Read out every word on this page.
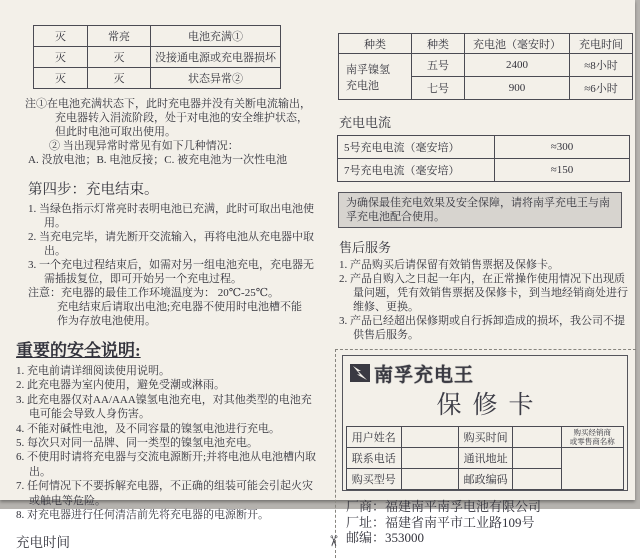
灭	常亮	电池充满①
灭	灭	没接通电源或充电器损坏
灭	灭	状态异常②
注①在电池充满状态下，此时充电器并没有关断电流输出，
充电器转入涓流阶段，处于对电池的安全维护状态，
但此时电池可取出使用。
② 当出现异常时常见有如下几种情况：
A. 没放电池；B. 电池反接；C. 被充电池为一次性电池
第四步：充电结束。
1. 当绿色指示灯常亮时表明电池已充满，此时可取出电池使用。
2. 当充电完毕，请先断开交流输入，再将电池从充电器中取出。
3. 一个充电过程结束后，如需对另一组电池充电，充电器无需插拔复位，即可开始另一个充电过程。
注意：充电器的最佳工作环境温度为： 20℃-25℃。
充电结束后请取出电池;充电器不使用时电池槽不能
作为存放电池使用。
重要的安全说明:
1. 充电前请详细阅读使用说明。
2. 此充电器为室内使用，避免受潮或淋雨。
3. 此充电器仅对AA/AAA镍氢电池充电，对其他类型的电池充电可能会导致人身伤害。
4. 不能对碱性电池，及不同容量的镍氢电池进行充电。
5. 每次只对同一品牌、同一类型的镍氢电池充电。
6. 不使用时请将充电器与交流电源断开;并将电池从电池槽内取出。
7. 任何情况下不要拆解充电器，不正确的组装可能会引起火灾或触电等危险。
8. 对充电器进行任何清洁前先将充电器的电源断开。
充电时间
种类	种类	充电池（毫安时）	充电时间

南孚镍氢
充电池	五号	2400	≈8小时
	七号	900	≈6小时
充电电流
5号充电电流（毫安培）	≈300
7号充电电流（毫安培）	≈150
为确保最佳充电效果及安全保障，请将南孚充电王与南孚充电池配合使用。
售后服务
1. 产品购买后请保留有效销售票据及保修卡。
2. 产品自购入之日起一年内，在正常操作使用情况下出现质量问题，凭有效销售票据及保修卡，到当地经销商处进行维修、更换。
3. 产品已经超出保修期或自行拆卸造成的损坏，我公司不提供售后服务。
南孚充电王
保修卡
用户姓名		购买时间		购买经销商
或零售商名称

联系电话		通讯地址		
购买型号		邮政编码		
厂商：福建南平南孚电池有限公司
厂址：福建省南平市工业路109号
邮编：353000
✂
